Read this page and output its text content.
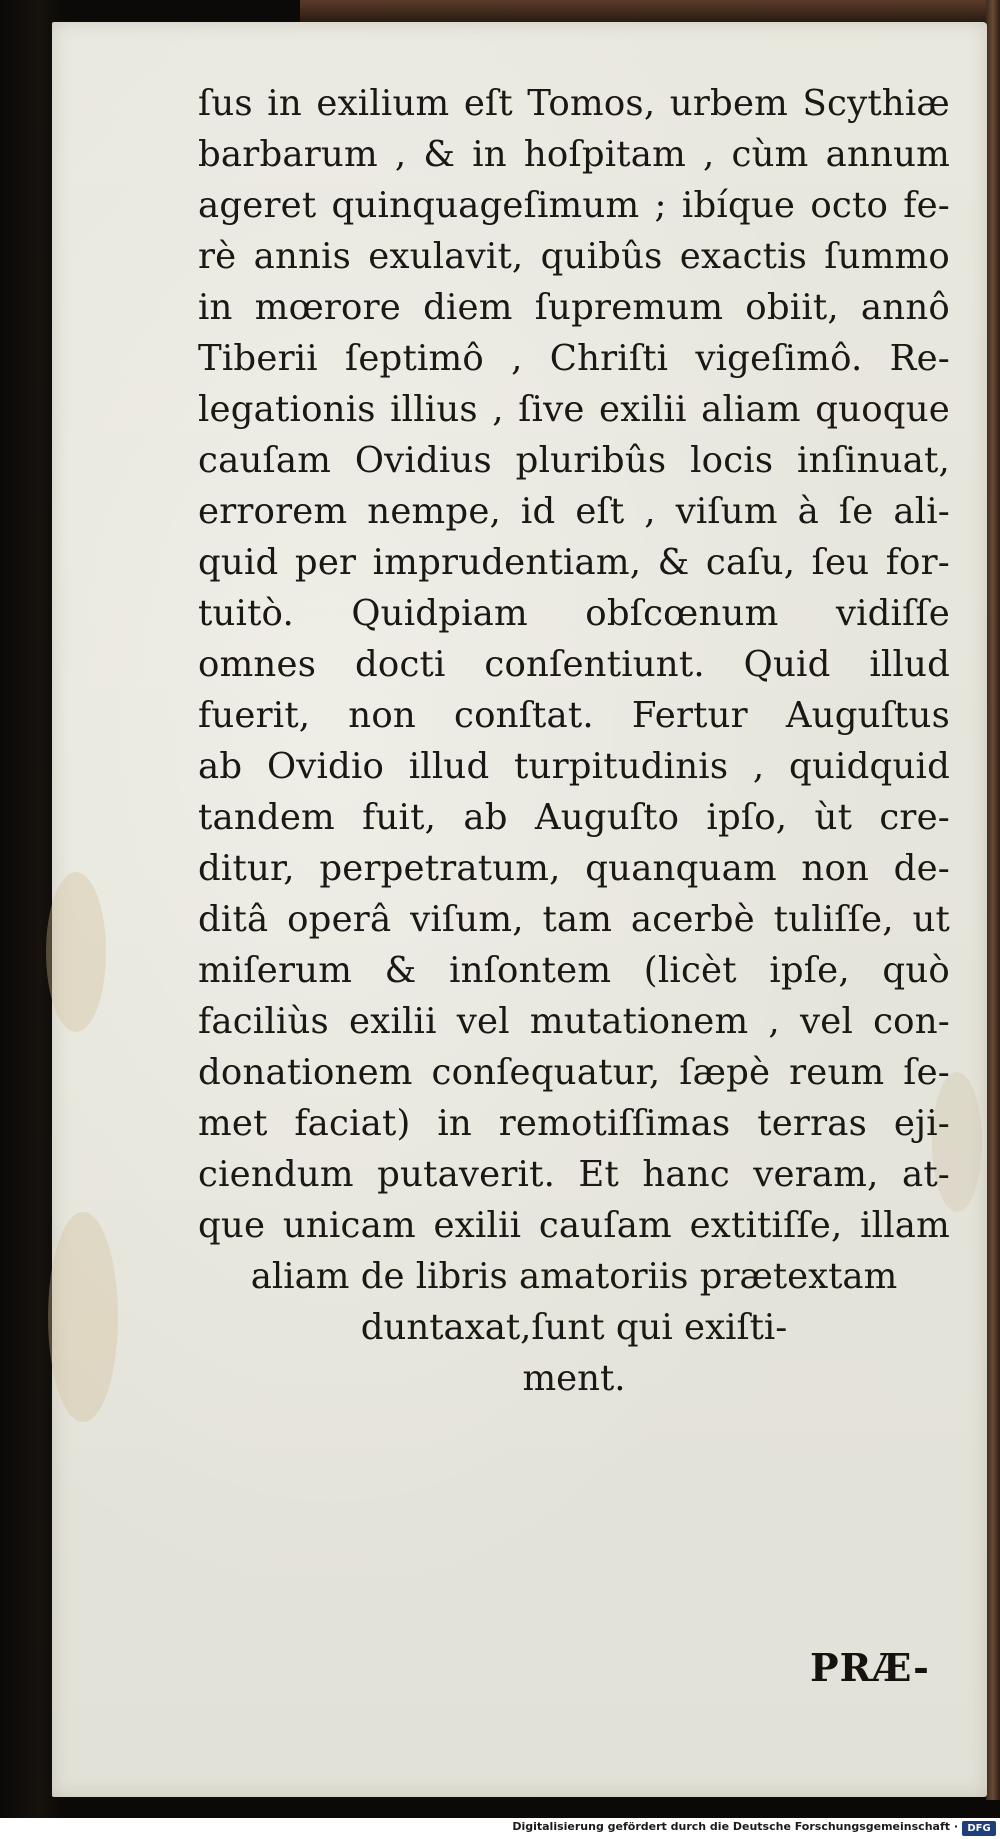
ſus in exilium eſt Tomos, urbem Scythiæ
barbarum , & in hoſpitam , cùm annum
ageret quinquageſimum ; ibíque octo fe-
rè annis exulavit, quibûs exactis ſummo
in mœrore diem ſupremum obiit, annô
Tiberii ſeptimô , Chriſti vigeſimô. Re-
legationis illius , ſive exilii aliam quoque
cauſam Ovidius pluribûs locis inſinuat,
errorem nempe, id eſt , viſum à ſe ali-
quid per imprudentiam, & caſu, ſeu for-
tuitò. Quidpiam obſcœnum vidiſſe
omnes docti conſentiunt. Quid illud
fuerit, non conſtat. Fertur Auguſtus
ab Ovidio illud turpitudinis , quidquid
tandem fuit, ab Auguſto ipſo, ùt cre-
ditur, perpetratum, quanquam non de-
ditâ operâ viſum, tam acerbè tuliſſe, ut
miſerum & inſontem (licèt ipſe, quò
faciliùs exilii vel mutationem , vel con-
donationem conſequatur, ſæpè reum ſe-
met faciat) in remotiſſimas terras eji-
ciendum putaverit. Et hanc veram, at-
que unicam exilii cauſam extitiſſe, illam
aliam de libris amatoriis prætextam
duntaxat,ſunt qui exiſti-
ment.
PRÆ-
Digitalisierung gefördert durch die Deutsche Forschungsgemeinschaft · DFG
